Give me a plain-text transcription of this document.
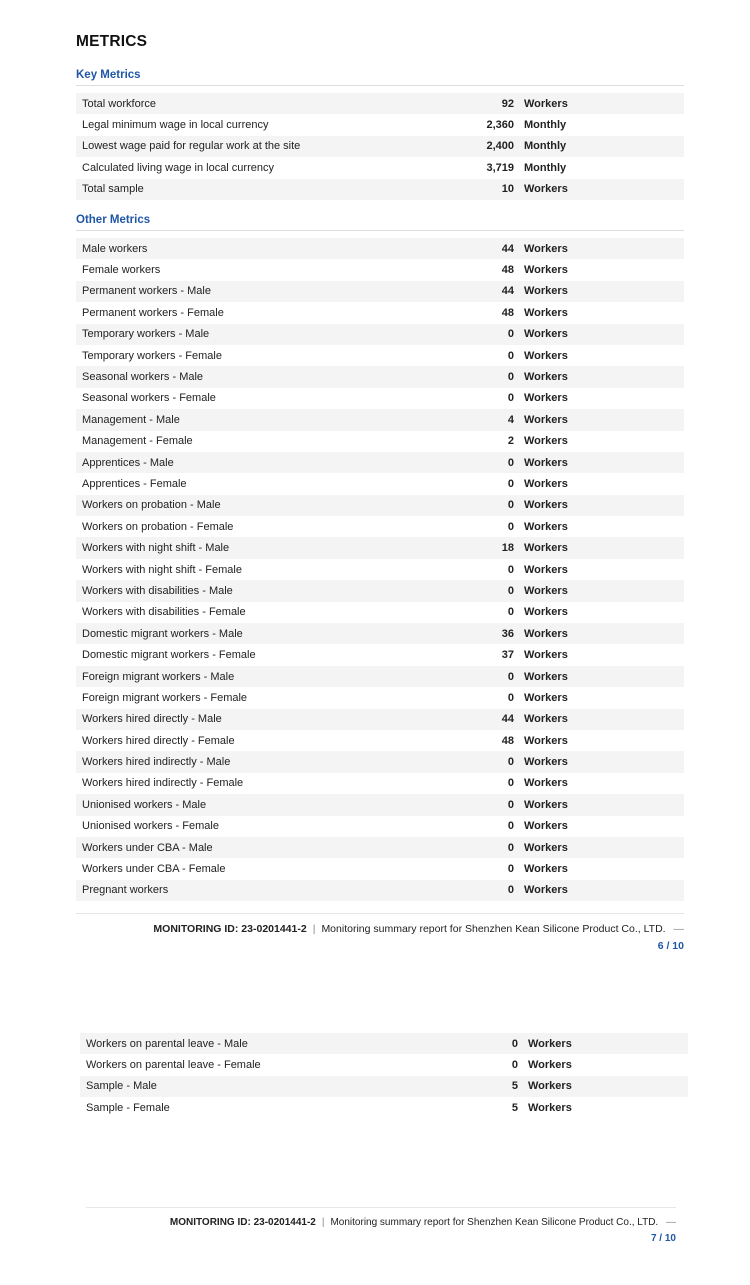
METRICS
Key Metrics
Total workforce	92 Workers
Legal minimum wage in local currency	2,360 Monthly
Lowest wage paid for regular work at the site	2,400 Monthly
Calculated living wage in local currency	3,719 Monthly
Total sample	10 Workers
Other Metrics
Male workers	44 Workers
Female workers	48 Workers
Permanent workers - Male	44 Workers
Permanent workers - Female	48 Workers
Temporary workers - Male	0 Workers
Temporary workers - Female	0 Workers
Seasonal workers - Male	0 Workers
Seasonal workers - Female	0 Workers
Management - Male	4 Workers
Management - Female	2 Workers
Apprentices - Male	0 Workers
Apprentices - Female	0 Workers
Workers on probation - Male	0 Workers
Workers on probation - Female	0 Workers
Workers with night shift - Male	18 Workers
Workers with night shift - Female	0 Workers
Workers with disabilities - Male	0 Workers
Workers with disabilities - Female	0 Workers
Domestic migrant workers - Male	36 Workers
Domestic migrant workers - Female	37 Workers
Foreign migrant workers - Male	0 Workers
Foreign migrant workers - Female	0 Workers
Workers hired directly - Male	44 Workers
Workers hired directly - Female	48 Workers
Workers hired indirectly - Male	0 Workers
Workers hired indirectly - Female	0 Workers
Unionised workers - Male	0 Workers
Unionised workers - Female	0 Workers
Workers under CBA - Male	0 Workers
Workers under CBA - Female	0 Workers
Pregnant workers	0 Workers
MONITORING ID: 23-0201441-2 | Monitoring summary report for Shenzhen Kean Silicone Product Co., LTD. —
6 / 10
Workers on parental leave - Male	0 Workers
Workers on parental leave - Female	0 Workers
Sample - Male	5 Workers
Sample - Female	5 Workers
MONITORING ID: 23-0201441-2 | Monitoring summary report for Shenzhen Kean Silicone Product Co., LTD. —
7 / 10
